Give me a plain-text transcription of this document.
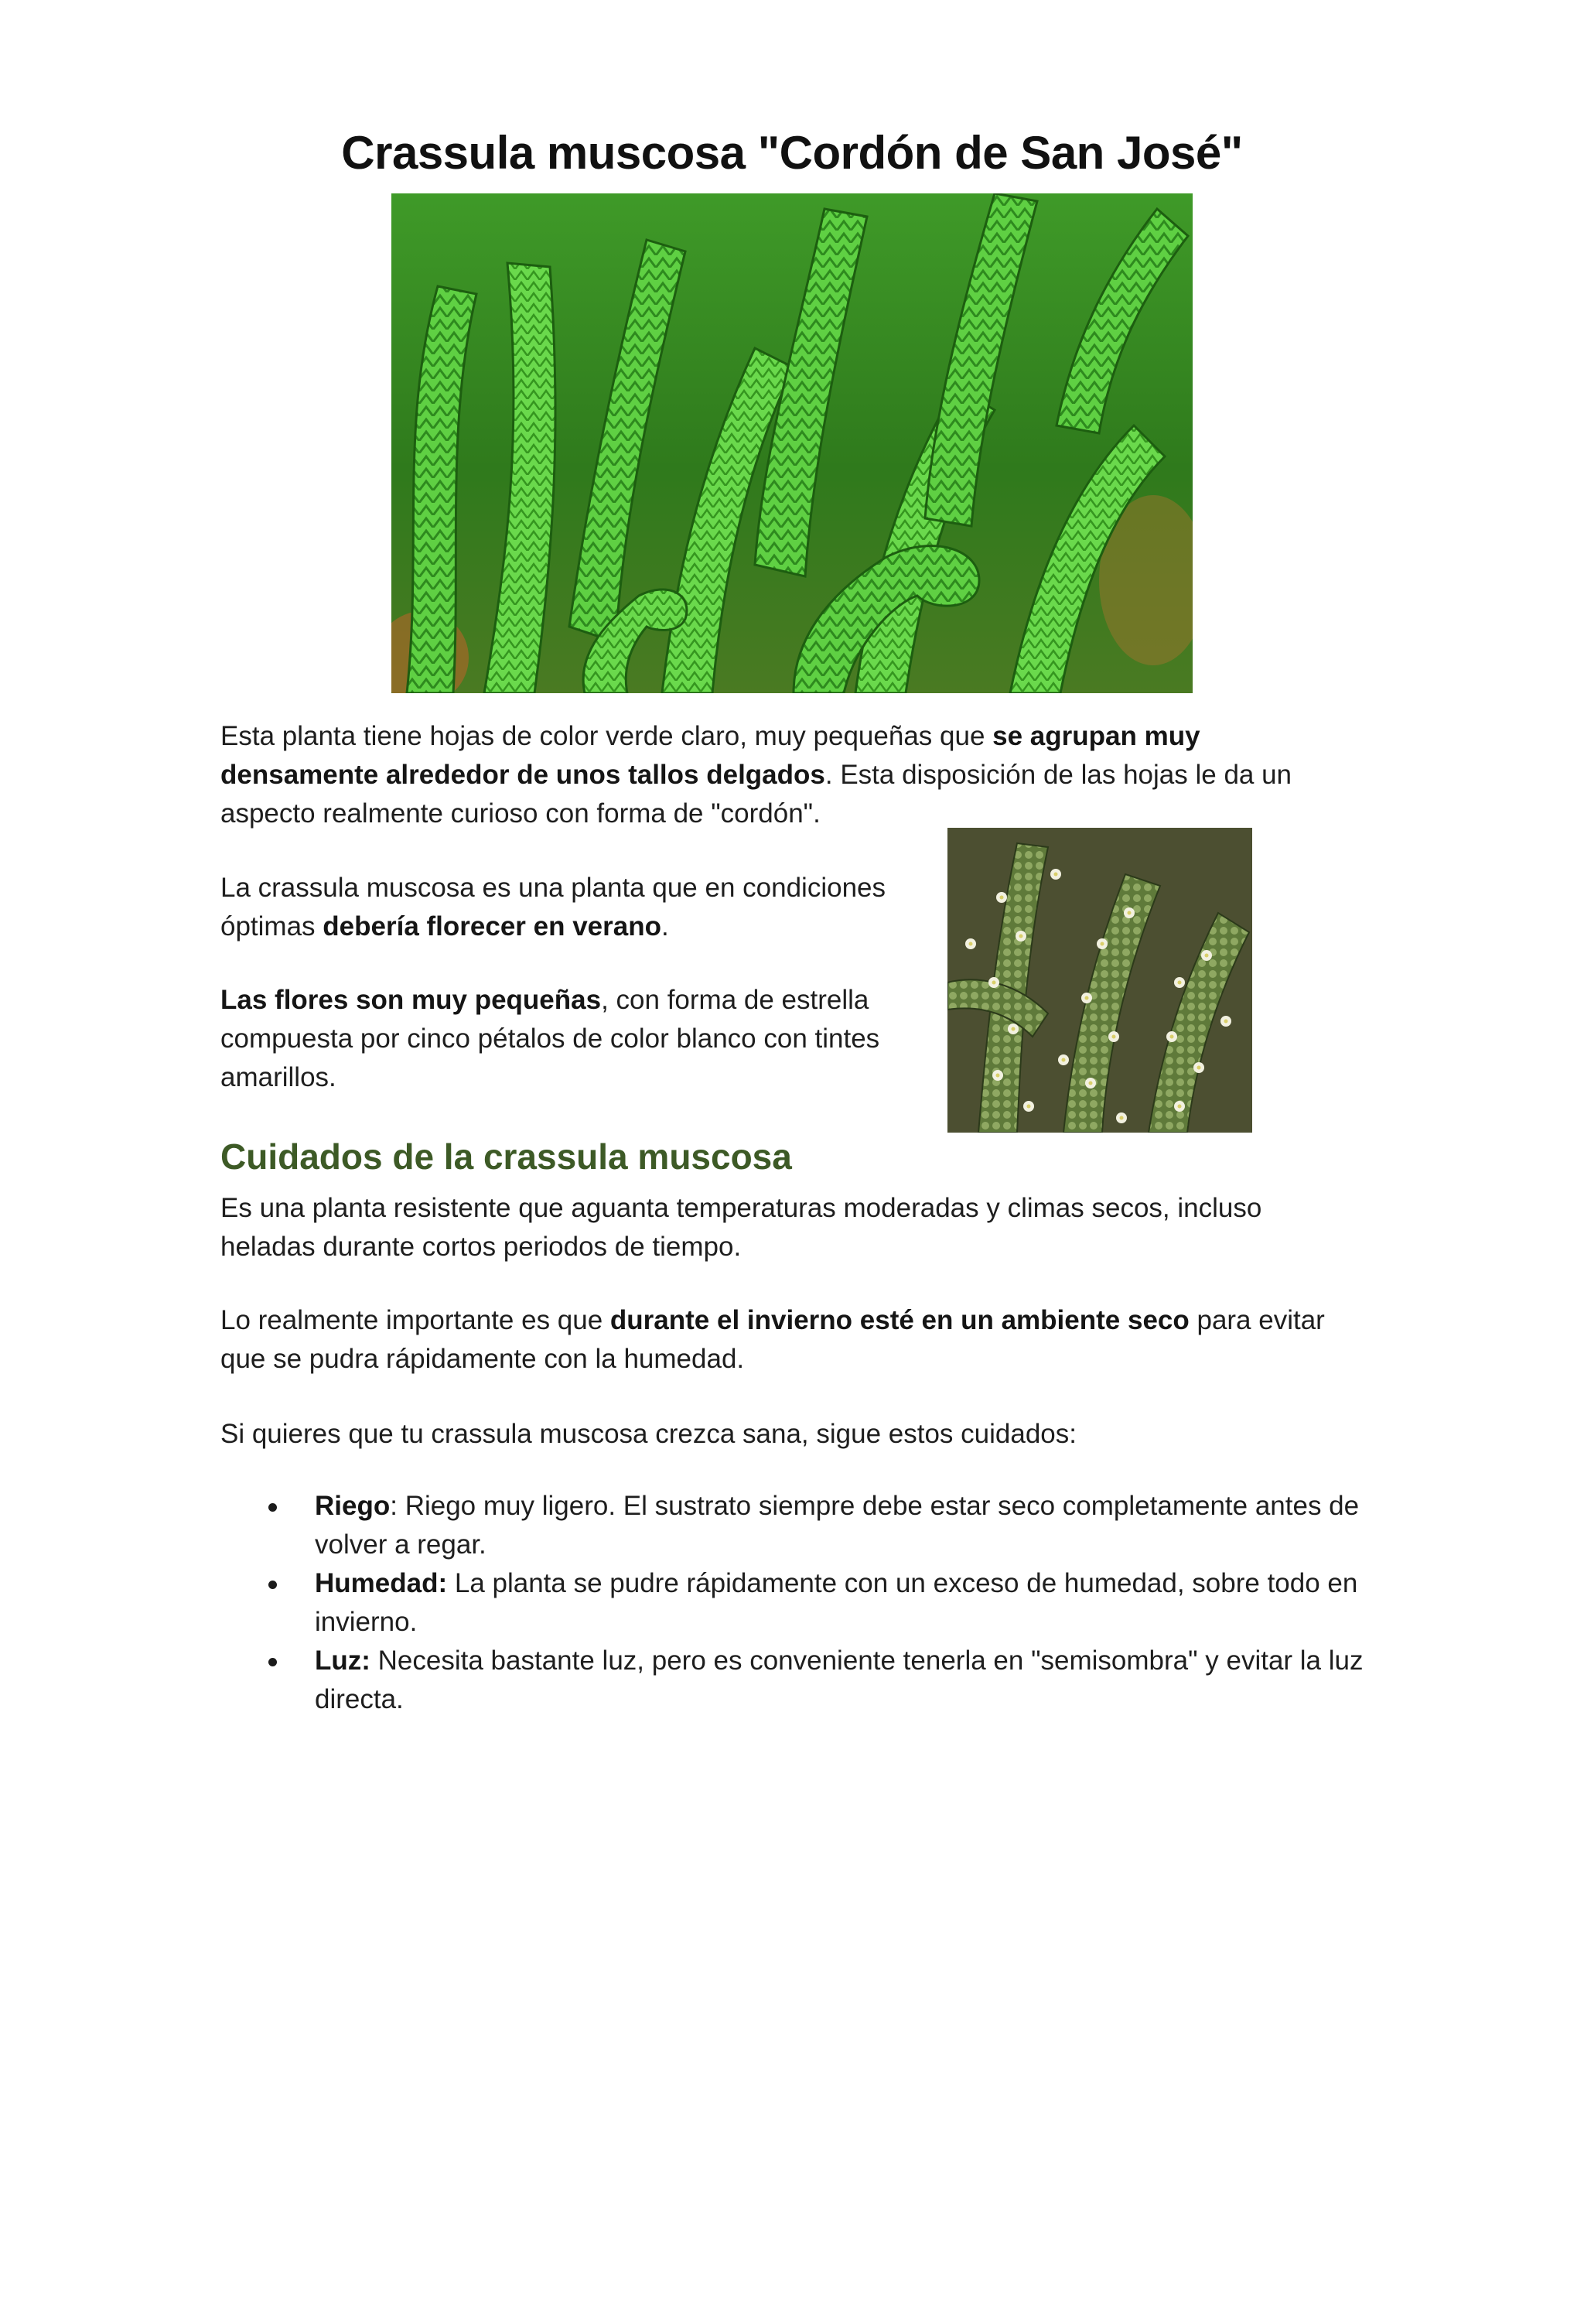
Crassula muscosa "Cordón de San José"

Esta planta tiene hojas de color verde claro, muy pequeñas que se agrupan muy densamente alrededor de unos tallos delgados. Esta disposición de las hojas le da un aspecto realmente curioso con forma de "cordón".

La crassula muscosa es una planta que en condiciones óptimas debería florecer en verano.

Las flores son muy pequeñas, con forma de estrella compuesta por cinco pétalos de color blanco con tintes amarillos.

Cuidados de la crassula muscosa

Es una planta resistente que aguanta temperaturas moderadas y climas secos, incluso heladas durante cortos periodos de tiempo.

Lo realmente importante es que durante el invierno esté en un ambiente seco para evitar que se pudra rápidamente con la humedad.

Si quieres que tu crassula muscosa crezca sana, sigue estos cuidados:

Riego: Riego muy ligero. El sustrato siempre debe estar seco completamente antes de volver a regar.
Humedad: La planta se pudre rápidamente con un exceso de humedad, sobre todo en invierno.
Luz: Necesita bastante luz, pero es conveniente tenerla en "semisombra" y evitar la luz directa.
